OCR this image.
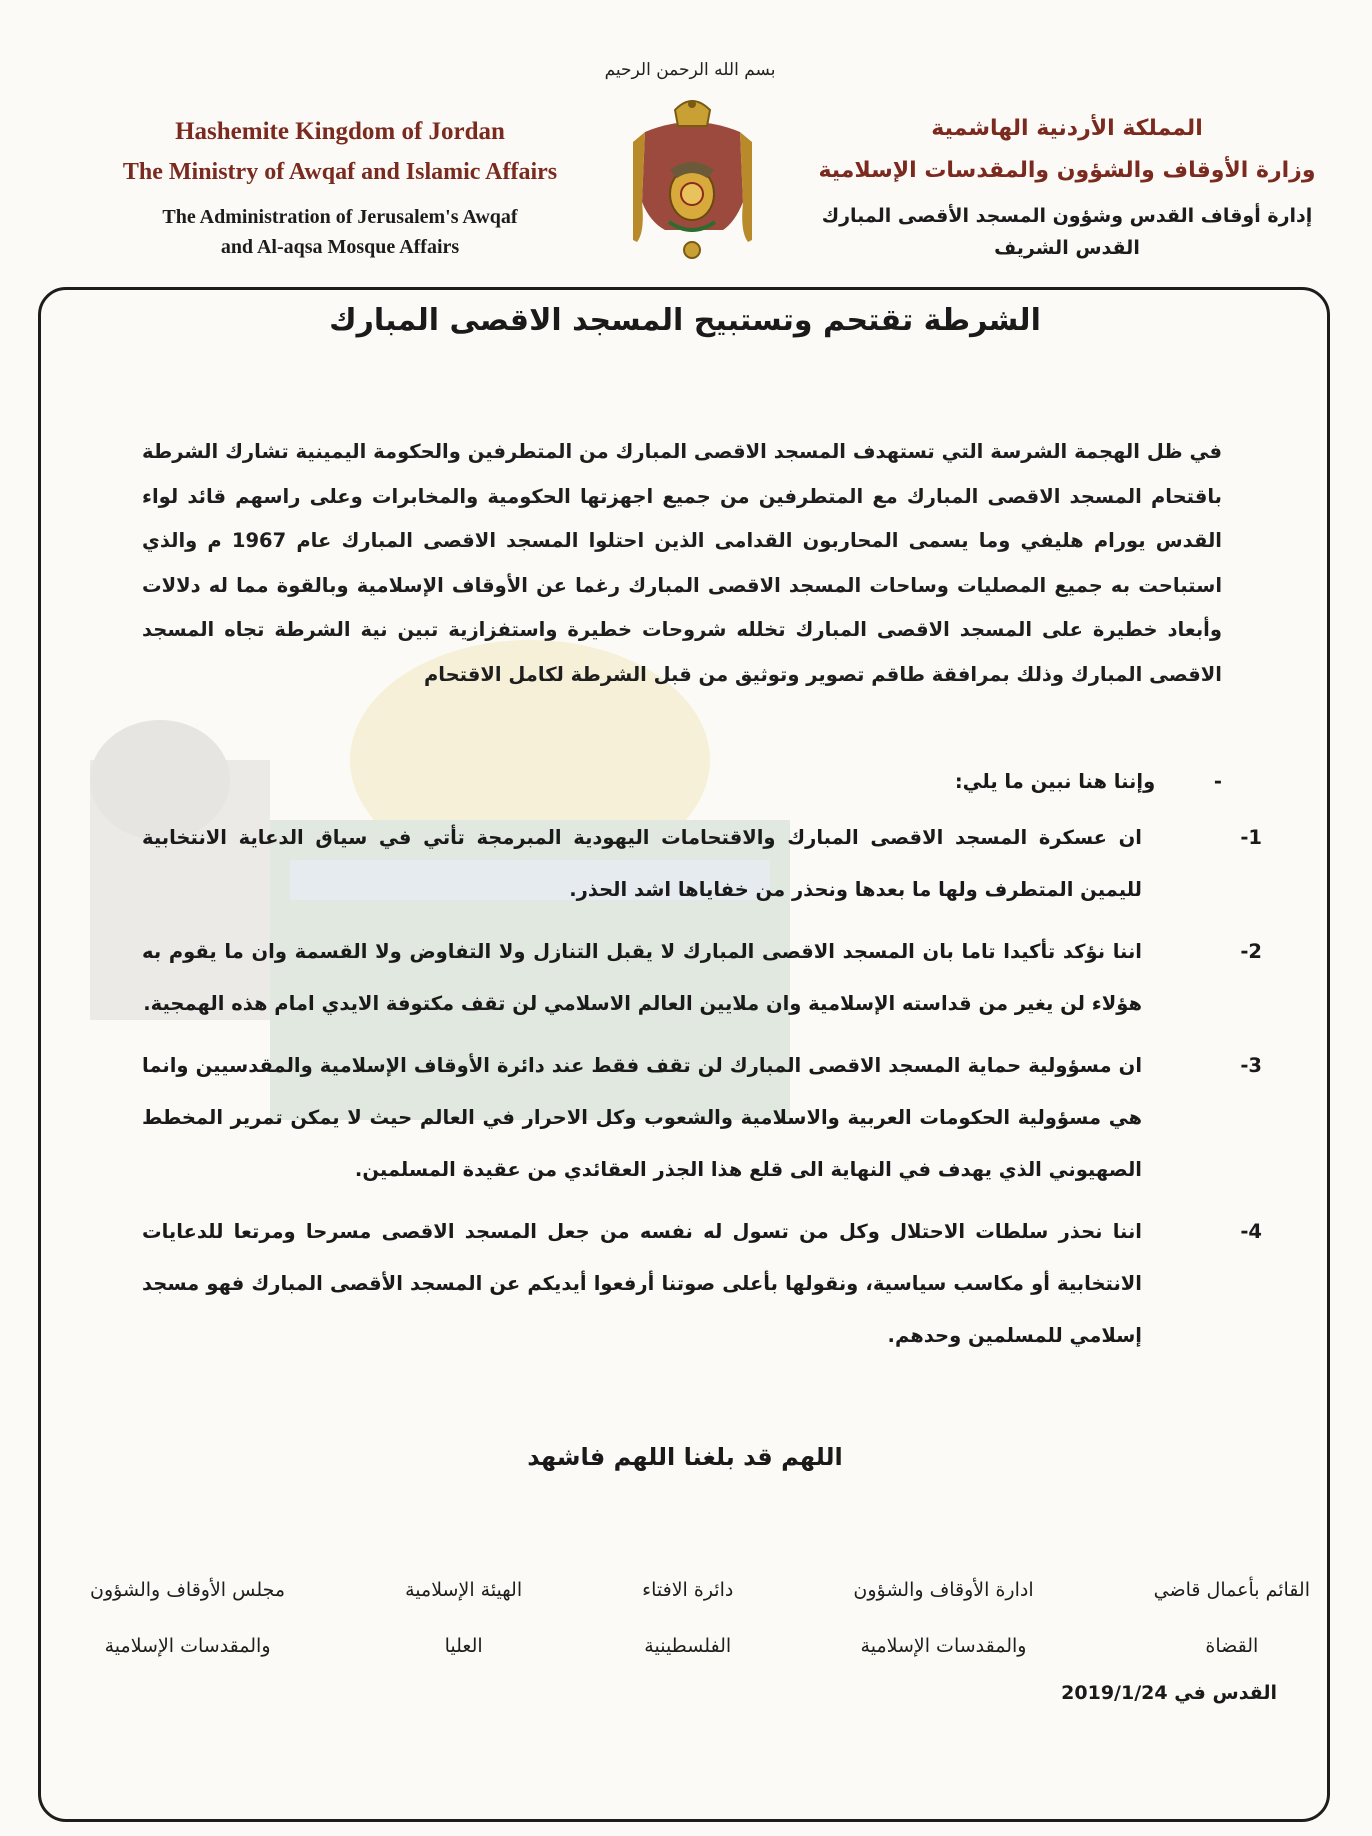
بسم الله الرحمن الرحيم
Hashemite Kingdom of Jordan
The Ministry of Awqaf and Islamic Affairs
The Administration of Jerusalem's Awqaf
and Al-aqsa Mosque Affairs
المملكة الأردنية الهاشمية
وزارة الأوقاف والشؤون والمقدسات الإسلامية
إدارة أوقاف القدس وشؤون المسجد الأقصى المبارك
القدس الشريف
الشرطة تقتحم وتستبيح المسجد الاقصى المبارك
في ظل الهجمة الشرسة التي تستهدف المسجد الاقصى المبارك من المتطرفين والحكومة اليمينية تشارك الشرطة باقتحام المسجد الاقصى المبارك مع المتطرفين من جميع اجهزتها الحكومية والمخابرات وعلى راسهم قائد لواء القدس يورام هليفي وما يسمى المحاربون القدامى الذين احتلوا المسجد الاقصى المبارك عام 1967 م والذي استباحت به جميع المصليات وساحات المسجد الاقصى المبارك رغما عن الأوقاف الإسلامية وبالقوة مما له دلالات وأبعاد خطيرة على المسجد الاقصى المبارك تخلله شروحات خطيرة واستفزازية تبين نية الشرطة تجاه المسجد الاقصى المبارك وذلك بمرافقة طاقم تصوير وتوثيق من قبل الشرطة لكامل الاقتحام
- وإننا هنا نبين ما يلي:
1-
ان عسكرة المسجد الاقصى المبارك والاقتحامات اليهودية المبرمجة تأتي في سياق الدعاية الانتخابية لليمين المتطرف ولها ما بعدها ونحذر من خفاياها اشد الحذر.
2-
اننا نؤكد تأكيدا تاما بان المسجد الاقصى المبارك لا يقبل التنازل ولا التفاوض ولا القسمة وان ما يقوم به هؤلاء لن يغير من قداسته الإسلامية وان ملايين العالم الاسلامي لن تقف مكتوفة الايدي امام هذه الهمجية.
3-
ان مسؤولية حماية المسجد الاقصى المبارك لن تقف فقط عند دائرة الأوقاف الإسلامية والمقدسيين وانما هي مسؤولية الحكومات العربية والاسلامية والشعوب وكل الاحرار في العالم حيث لا يمكن تمرير المخطط الصهيوني الذي يهدف في النهاية الى قلع هذا الجذر العقائدي من عقيدة المسلمين.
4-
اننا نحذر سلطات الاحتلال وكل من تسول له نفسه من جعل المسجد الاقصى مسرحا ومرتعا للدعايات الانتخابية أو مكاسب سياسية، ونقولها بأعلى صوتنا أرفعوا أيديكم عن المسجد الأقصى المبارك فهو مسجد إسلامي للمسلمين وحدهم.
اللهم قد بلغنا اللهم فاشهد
مجلس الأوقاف والشؤون
والمقدسات الإسلامية
الهيئة الإسلامية
العليا
دائرة الافتاء
الفلسطينية
ادارة الأوقاف والشؤون
والمقدسات الإسلامية
القائم بأعمال قاضي
القضاة
القدس في 2019/1/24
